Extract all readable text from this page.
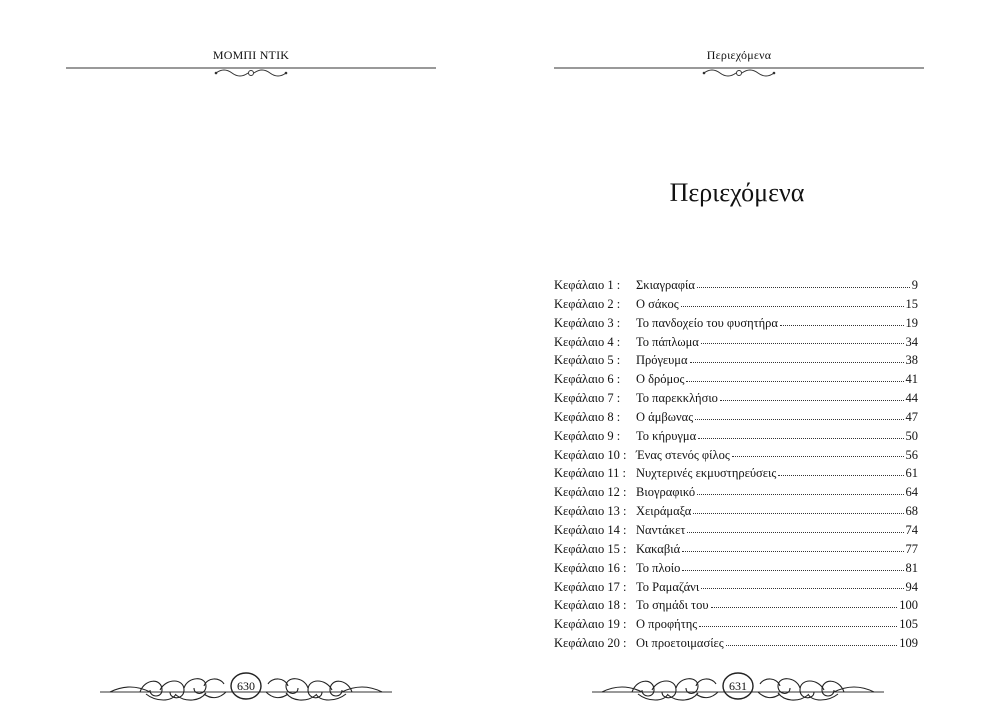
ΜΟΜΠΙ ΝΤΙΚ
630
Περιεχόμενα
Περιεχόμενα
Κεφάλαιο 1 :	Σκιαγραφία	9
Κεφάλαιο 2 :	Ο σάκος	15
Κεφάλαιο 3 :	Το πανδοχείο του φυσητήρα	19
Κεφάλαιο 4 :	Το πάπλωμα	34
Κεφάλαιο 5 :	Πρόγευμα	38
Κεφάλαιο 6 :	Ο δρόμος	41
Κεφάλαιο 7 :	Το παρεκκλήσιο	44
Κεφάλαιο 8 :	Ο άμβωνας	47
Κεφάλαιο 9 :	Το κήρυγμα	50
Κεφάλαιο 10 : Ένας στενός φίλος	56
Κεφάλαιο 11 : Νυχτερινές εκμυστηρεύσεις	61
Κεφάλαιο 12 : Βιογραφικό	64
Κεφάλαιο 13 : Χειράμαξα	68
Κεφάλαιο 14 : Ναντάκετ	74
Κεφάλαιο 15 : Κακαβιά	77
Κεφάλαιο 16 : Το πλοίο	81
Κεφάλαιο 17 : Το Ραμαζάνι	94
Κεφάλαιο 18 : Το σημάδι του	100
Κεφάλαιο 19 : Ο προφήτης	105
Κεφάλαιο 20 : Οι προετοιμασίες	109
631
